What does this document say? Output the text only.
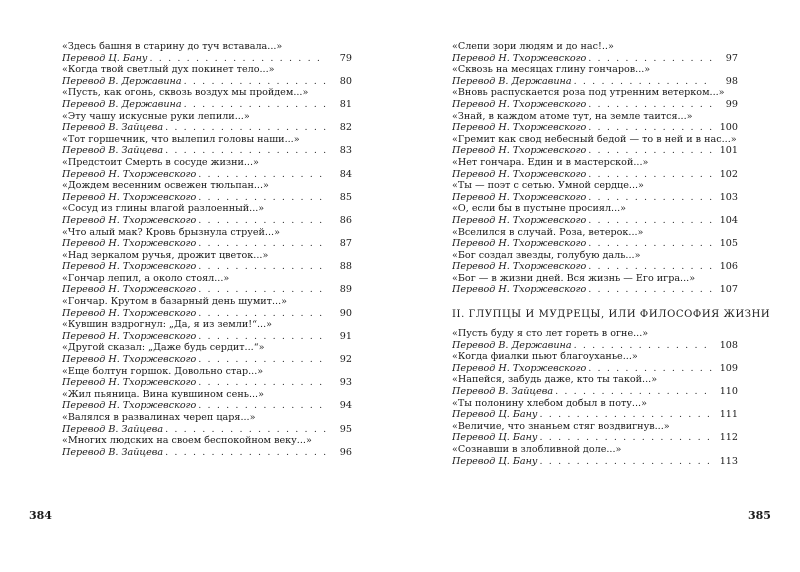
«Здесь башня в старину до туч вставала...»
Перевод Ц. Бану . . .	79
«Когда твой светлый дух покинет тело...»
Перевод В. Державина . . .	80
«Пусть, как огонь, сквозь воздух мы пройдем...»
Перевод В. Державина . . .	81
«Эту чашу искусные руки лепили...»
Перевод В. Зайцева . . .	82
«Тот горшечник, что вылепил головы наши...»
Перевод В. Зайцева . . .	83
«Предстоит Смерть в сосуде жизни...»
Перевод Н. Тхоржевского . . .	84
«Дождем весенним освежен тюльпан...»
Перевод Н. Тхоржевского . . .	85
«Сосуд из глины влагой разлоенный...»
Перевод Н. Тхоржевского . . .	86
«Что алый мак? Кровь брызнула струей...»
Перевод Н. Тхоржевского . . .	87
«Над зеркалом ручья, дрожит цветок...»
Перевод Н. Тхоржевского . . .	88
«Гончар лепил, а около стоял...»
Перевод Н. Тхоржевского . . .	89
«Гончар. Крутом в базарный день шумит...»
Перевод Н. Тхоржевского . . .	90
«Кувшин вздрогнул: „Да, я из земли!“...»
Перевод Н. Тхоржевского . . .	91
«Другой сказал: „Даже будь сердит...“»
Перевод Н. Тхоржевского . . .	92
«Еще болтун горшок. Довольно стар...»
Перевод Н. Тхоржевского . . .	93
«Жил пьяница. Вина кувшином сень...»
Перевод Н. Тхоржевского . . .	94
«Валялся в развалинах череп царя...»
Перевод В. Зайцева . . .	95
«Многих людских на своем беспокойном веку...»
Перевод В. Зайцева . . .	96
«Слепи зори людям и до нас!..»
Перевод Н. Тхоржевского . . .	97
«Сквозь на месяцах глину гончаров...»
Перевод В. Державина . . .	98
«Вновь распускается роза под утренним ветерком...»
Перевод Н. Тхоржевского . . .	99
«Знай, в каждом атоме тут, на земле таится...»
Перевод Н. Тхоржевского . . .	100
«Гремит как свод небесный бедой — то в ней и в нас...»
Перевод Н. Тхоржевского . . .	101
«Нет гончара. Един и в мастерской...»
Перевод Н. Тхоржевского . . .	102
«Ты — поэт с сетью. Умной сердце...»
Перевод Н. Тхоржевского . . .	103
«О, если бы в пустыне просиял...»
Перевод Н. Тхоржевского . . .	104
«Вселился в случай. Роза, ветерок...»
Перевод Н. Тхоржевского . . .	105
«Бог создал звезды, голубую даль...»
Перевод Н. Тхоржевского . . .	106
«Бог — в жизни дней. Вся жизнь — Его игра...»
Перевод Н. Тхоржевского . . .	107
II. ГЛУПЦЫ И МУДРЕЦЫ, ИЛИ ФИЛОСОФИЯ ЖИЗНИ
«Пусть буду я сто лет гореть в огне...»
Перевод В. Державина . . .	108
«Когда фиалки пьют благоуханье...»
Перевод Н. Тхоржевского . . .	109
«Напейся, забудь даже, кто ты такой...»
Перевод В. Зайцева . . .	110
«Ты полонину хлебом добыл в поту...»
Перевод Ц. Бану . . .	111
«Величие, что знаньем стяг воздвигнув...»
Перевод Ц. Бану . . .	112
«Сознавши в злобливной доле...»
Перевод Ц. Бану . . .	113
384	385
